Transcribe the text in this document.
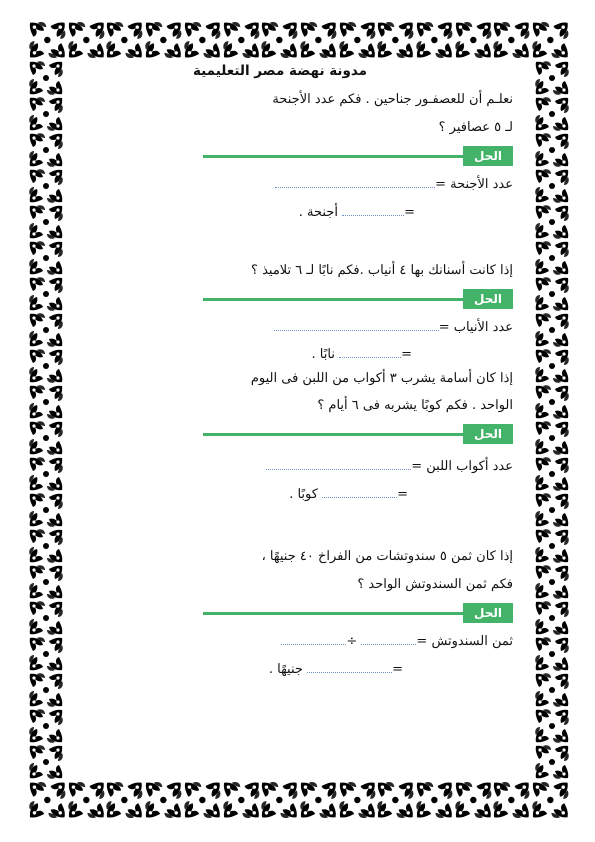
مدونة نهضة مصر التعليمية
نعلـم أن للعصفـور جناحين . فكم عدد الأجنحة
لـ ٥ عصافير ؟
الحل
عدد الأجنحة =
= أجنحة .
إذا كانت أسنانك بها ٤ أنياب .فكم نابًا لـ ٦ تلاميذ ؟
الحل
عدد الأنياب =
= نابًا .
إذا كان أسامة يشرب ٣ أكواب من اللبن فى اليوم
الواحد . فكم كوبًا يشربه فى ٦ أيام ؟
الحل
عدد أكواب اللبن =
= كوبًا .
إذا كان ثمن ٥ سندوتشات من الفراخ ٤٠ جنيهًا ،
فكم ثمن السندوتش الواحد ؟
الحل
ثمن السندوتش = ÷
= جنيهًا .
